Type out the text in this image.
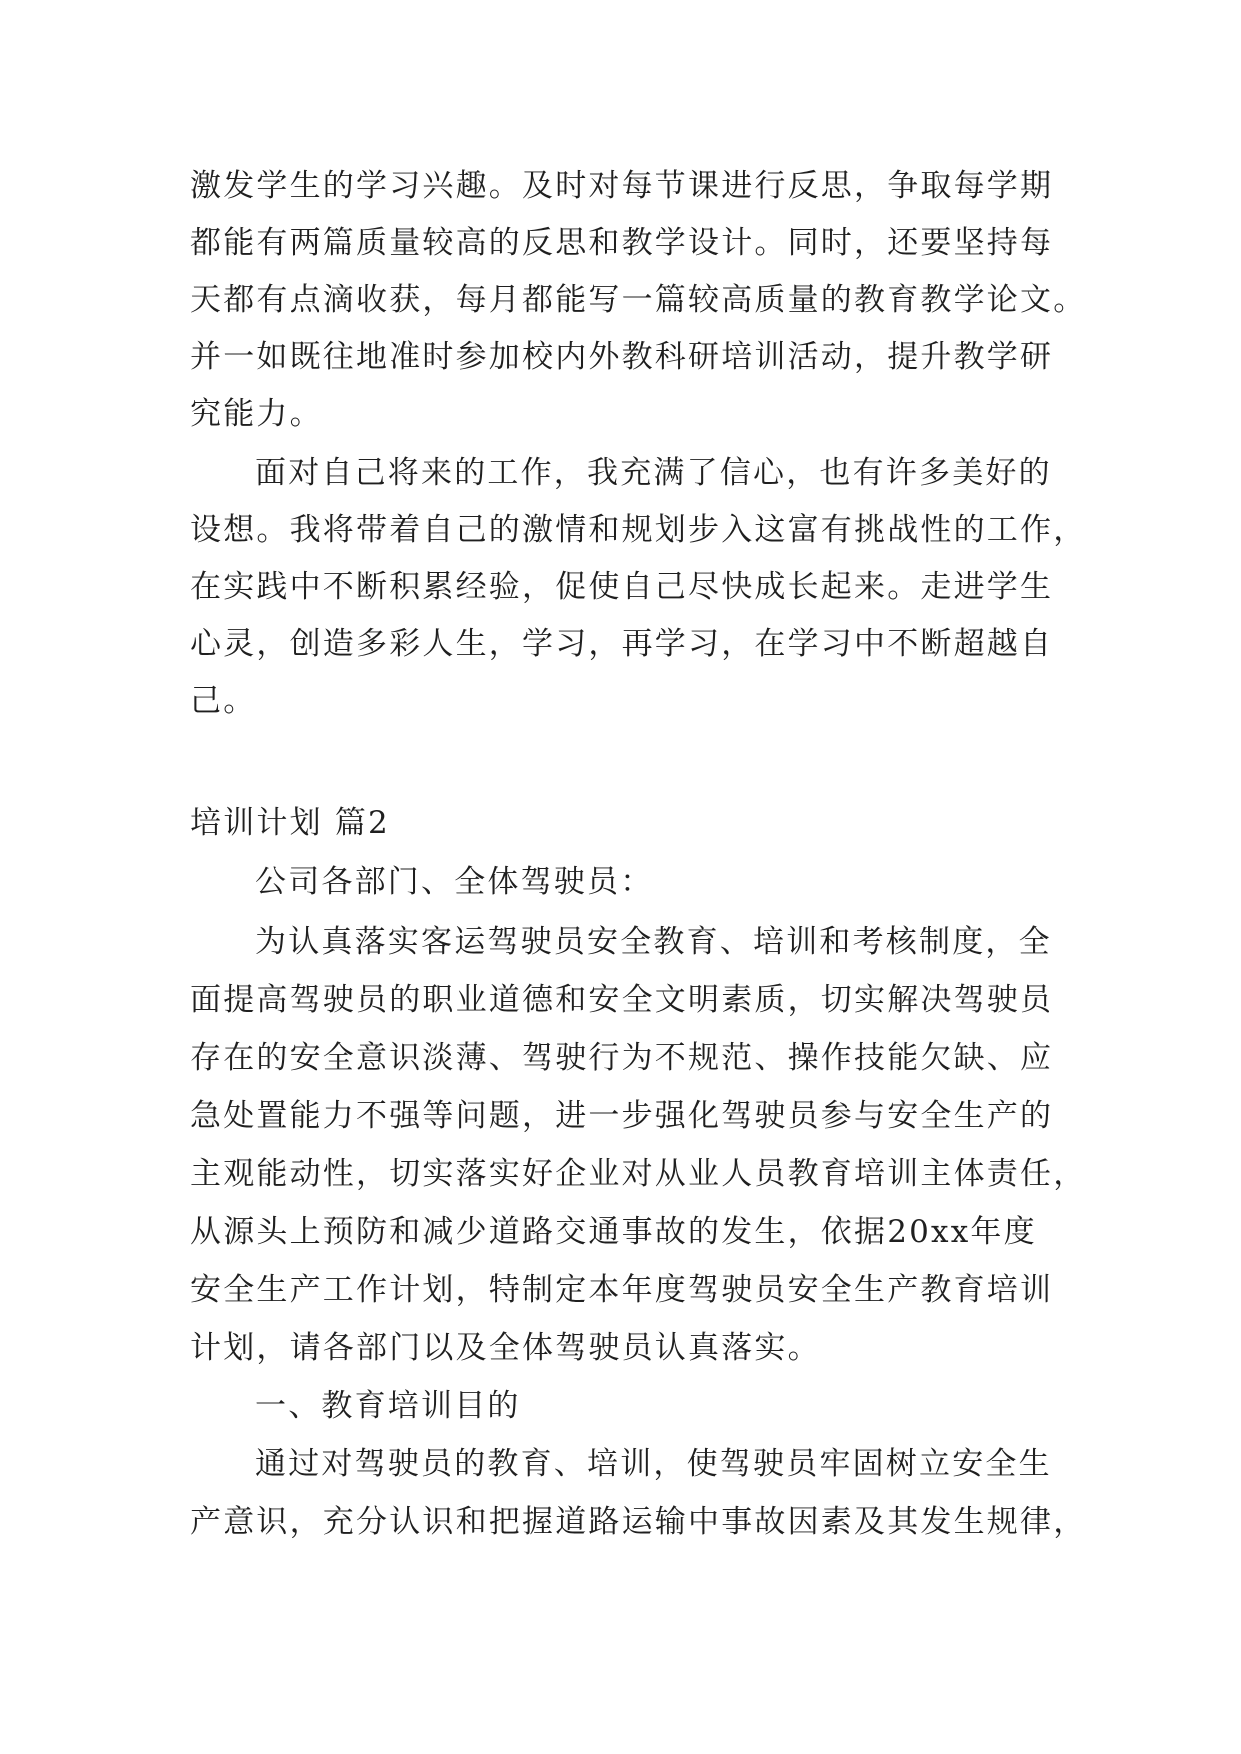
激发学生的学习兴趣。及时对每节课进行反思，争取每学期
都能有两篇质量较高的反思和教学设计。同时，还要坚持每
天都有点滴收获，每月都能写一篇较高质量的教育教学论文。
并一如既往地准时参加校内外教科研培训活动，提升教学研
究能力。
面对自己将来的工作，我充满了信心，也有许多美好的
设想。我将带着自己的激情和规划步入这富有挑战性的工作，
在实践中不断积累经验，促使自己尽快成长起来。走进学生
心灵，创造多彩人生，学习，再学习，在学习中不断超越自
己。
培训计划 篇2
公司各部门、全体驾驶员：
为认真落实客运驾驶员安全教育、培训和考核制度，全
面提高驾驶员的职业道德和安全文明素质，切实解决驾驶员
存在的安全意识淡薄、驾驶行为不规范、操作技能欠缺、应
急处置能力不强等问题，进一步强化驾驶员参与安全生产的
主观能动性，切实落实好企业对从业人员教育培训主体责任，
从源头上预防和减少道路交通事故的发生，依据20xx年度
安全生产工作计划，特制定本年度驾驶员安全生产教育培训
计划，请各部门以及全体驾驶员认真落实。
一、教育培训目的
通过对驾驶员的教育、培训，使驾驶员牢固树立安全生
产意识，充分认识和把握道路运输中事故因素及其发生规律，
